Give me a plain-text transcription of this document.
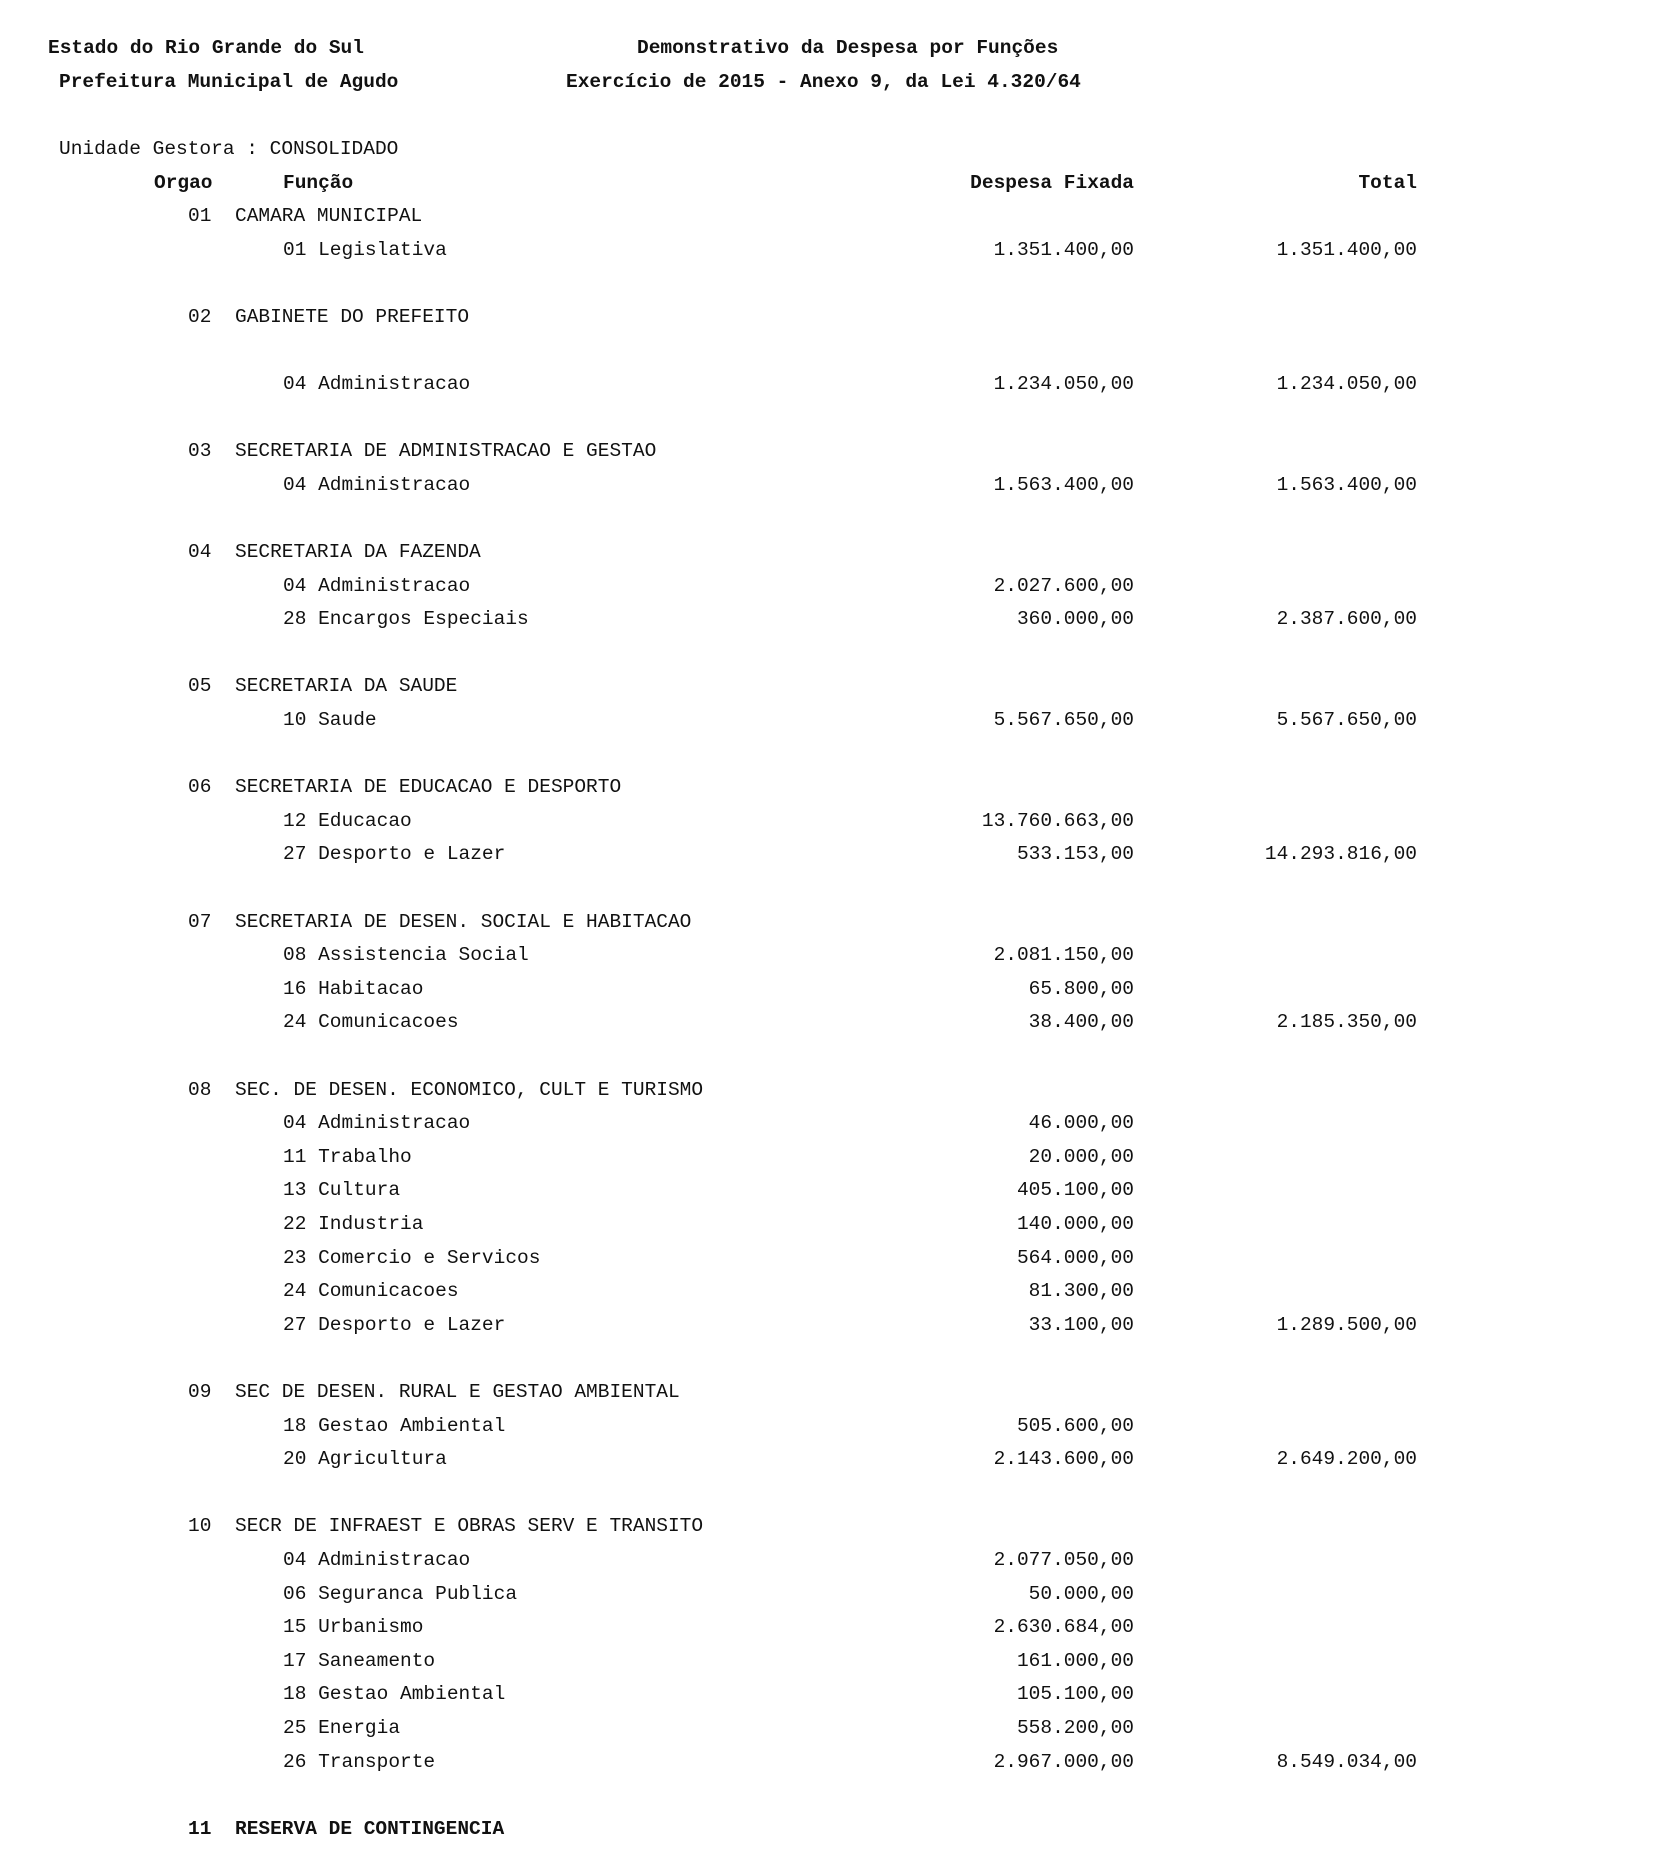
Estado do Rio Grande do Sul
Prefeitura Municipal de Agudo
Demonstrativo da Despesa por Funções
Exercício de 2015 - Anexo 9, da Lei 4.320/64
Unidade Gestora : CONSOLIDADO
Orgao	Função	Despesa Fixada	Total
01 CAMARA MUNICIPAL
01 Legislativa	1.351.400,00	1.351.400,00
02 GABINETE DO PREFEITO
04 Administracao	1.234.050,00	1.234.050,00
03 SECRETARIA DE ADMINISTRACAO E GESTAO
04 Administracao	1.563.400,00	1.563.400,00
04 SECRETARIA DA FAZENDA
04 Administracao	2.027.600,00
28 Encargos Especiais	360.000,00	2.387.600,00
05 SECRETARIA DA SAUDE
10 Saude	5.567.650,00	5.567.650,00
06 SECRETARIA DE EDUCACAO E DESPORTO
12 Educacao	13.760.663,00
27 Desporto e Lazer	533.153,00	14.293.816,00
07 SECRETARIA DE DESEN. SOCIAL E HABITACAO
08 Assistencia Social	2.081.150,00
16 Habitacao	65.800,00
24 Comunicacoes	38.400,00	2.185.350,00
08 SEC. DE DESEN. ECONOMICO, CULT E TURISMO
04 Administracao	46.000,00
11 Trabalho	20.000,00
13 Cultura	405.100,00
22 Industria	140.000,00
23 Comercio e Servicos	564.000,00
24 Comunicacoes	81.300,00
27 Desporto e Lazer	33.100,00	1.289.500,00
09 SEC DE DESEN. RURAL E GESTAO AMBIENTAL
18 Gestao Ambiental	505.600,00
20 Agricultura	2.143.600,00	2.649.200,00
10 SECR DE INFRAEST E OBRAS SERV E TRANSITO
04 Administracao	2.077.050,00
06 Seguranca Publica	50.000,00
15 Urbanismo	2.630.684,00
17 Saneamento	161.000,00
18 Gestao Ambiental	105.100,00
25 Energia	558.200,00
26 Transporte	2.967.000,00	8.549.034,00
11 RESERVA DE CONTINGENCIA
